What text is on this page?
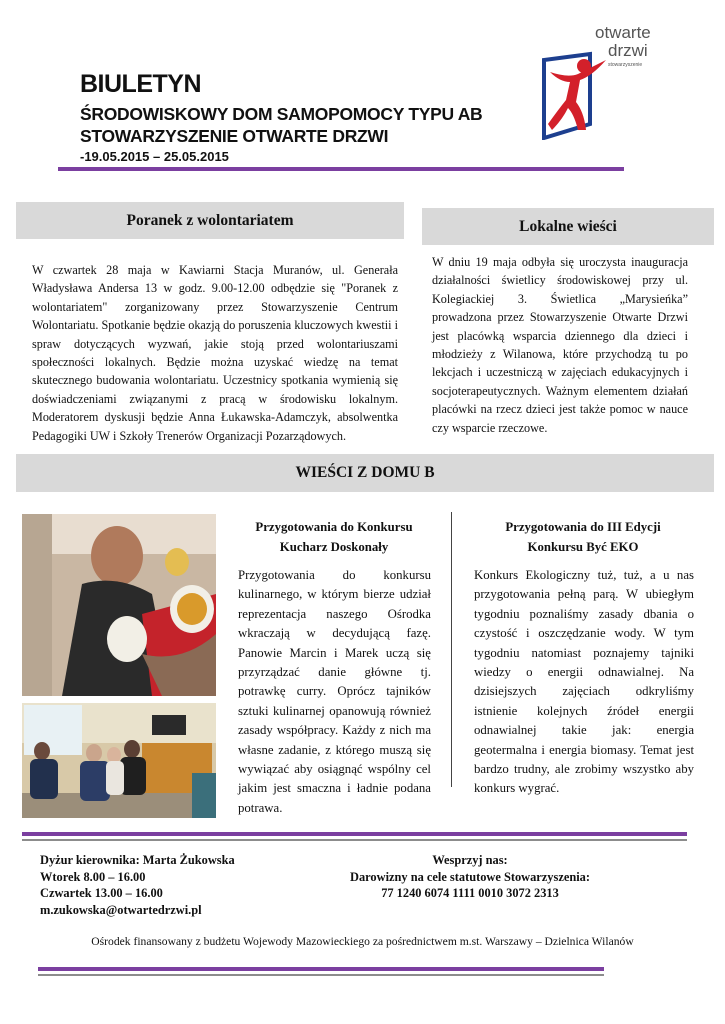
BIULETYN
ŚRODOWISKOWY DOM SAMOPOMOCY TYPU AB
STOWARZYSZENIE OTWARTE DRZWI
-19.05.2015 – 25.05.2015
otwarte
drzwi
stowarzyszenie
Poranek z wolontariatem	Lokalne wieści
W czwartek 28 maja w Kawiarni Stacja Muranów, ul. Generała Władysława Andersa 13 w godz. 9.00-12.00 odbędzie się "Poranek z wolontariatem" zorganizowany przez Stowarzyszenie Centrum Wolontariatu. Spotkanie będzie okazją do poruszenia kluczowych kwestii i spraw dotyczących wyzwań, jakie stoją przed wolontariuszami społeczności lokalnych. Będzie można uzyskać wiedzę na temat skutecznego budowania wolontariatu. Uczestnicy spotkania wymienią się doświadczeniami związanymi z pracą w środowisku lokalnym. Moderatorem dyskusji będzie Anna Łukawska-Adamczyk, absolwentka Pedagogiki UW i Szkoły Trenerów Organizacji Pozarządowych.
W dniu 19 maja odbyła się uroczysta inauguracja działalności świetlicy środowiskowej przy ul. Kolegiackiej 3. Świetlica „Marysieńka” prowadzona przez Stowarzyszenie Otwarte Drzwi jest placówką wsparcia dziennego dla dzieci i młodzieży z Wilanowa, które przychodzą tu po lekcjach i uczestniczą w zajęciach edukacyjnych i socjoterapeutycznych. Ważnym elementem działań placówki na rzecz dzieci jest także pomoc w nauce czy wsparcie rzeczowe.
WIEŚCI Z DOMU B
Przygotowania do Konkursu
Kucharz Doskonały
Przygotowania do konkursu kulinarnego, w którym bierze udział reprezentacja naszego Ośrodka wkraczają w decydującą fazę. Panowie Marcin i Marek uczą się przyrządzać danie główne tj. potrawkę curry. Oprócz tajników sztuki kulinarnej opanowują również zasady współpracy. Każdy z nich ma własne zadanie, z którego muszą się wywiązać aby osiągnąć wspólny cel jakim jest smaczna i ładnie podana potrawa.
Przygotowania do III Edycji
Konkursu Być EKO
Konkurs Ekologiczny tuż, tuż, a u nas przygotowania pełną parą. W ubiegłym tygodniu poznaliśmy zasady dbania o czystość i oszczędzanie wody. W tym tygodniu natomiast poznajemy tajniki wiedzy o energii odnawialnej. Na dzisiejszych zajęciach odkryliśmy istnienie kolejnych źródeł energii odnawialnej takie jak: energia geotermalna i energia biomasy. Temat jest bardzo trudny, ale zrobimy wszystko aby konkurs wygrać.
Dyżur kierownika: Marta Żukowska
Wtorek 8.00 – 16.00
Czwartek 13.00 – 16.00
m.zukowska@otwartedrzwi.pl
Wesprzyj nas:
Darowizny na cele statutowe Stowarzyszenia:
77 1240 6074 1111 0010 3072 2313
Ośrodek finansowany z budżetu Wojewody Mazowieckiego za pośrednictwem m.st. Warszawy – Dzielnica Wilanów
